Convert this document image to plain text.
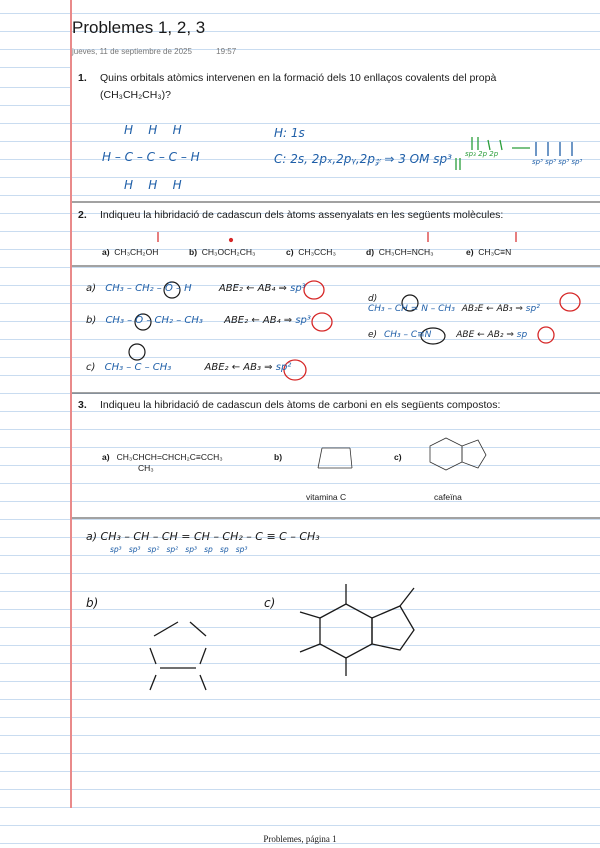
Problemes 1, 2, 3
jueves, 11 de septiembre de 2025	19:57
1. Quins orbitals atòmics intervenen en la formació dels 10 enllaços covalents del propà
(CH₃CH₂CH₃)?
H    H    H
H – C – C – C – H
H    H    H
H: 1s
C: 2s, 2pₓ,2pᵧ,2p𝓏 ⇒ 3 OM sp³ sp₃ 2p 2p
sp³ sp³ sp³ sp³
2. Indiqueu la hibridació de cadascun dels àtoms assenyalats en les següents molècules:
a) CH₃CH₂OH	b) CH₃OCH₂CH₃	c) CH₃CCH₃	d) CH₃CH=NCH₃	e) CH₃C≡N
a) CH₃ – CH₂ – Ö – H	ABE₂ ← AB₄ ⇒ sp³
b) CH₃ – Ö – CH₂ – CH₃ ABE₂ ← AB₄ ⇒ sp³
c) CH₃ – C – CH₃	ABE₂ ← AB₃ ⇒ sp²
d)
CH₃ – CH = N – CH₃ AB₂E ← AB₃ ⇒ sp²
e) CH₃ – C≡N	ABE ← AB₂ ⇒ sp
3. Indiqueu la hibridació de cadascun dels àtoms de carboni en els següents compostos:
a) CH₃CHCH=CHCH₂C≡CCH₃
CH₃
b)
vitamina C
c)
cafeïna
a) CH₃ – CH – CH = CH – CH₂ – C ≡ C – CH₃
sp³   sp³   sp²   sp²   sp³   sp   sp   sp³
b)	c)
Problemes, página 1
